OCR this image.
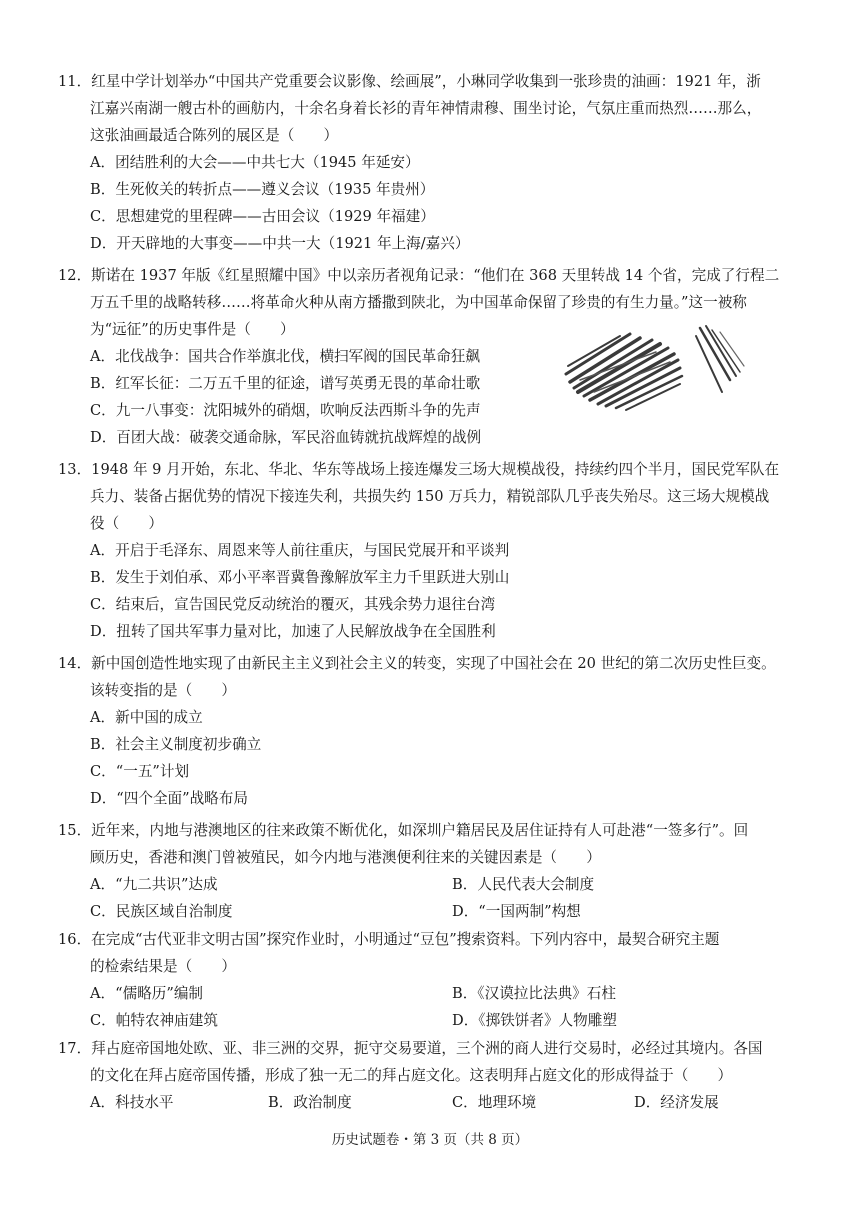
11．红星中学计划举办“中国共产党重要会议影像、绘画展”，小琳同学收集到一张珍贵的油画：1921 年，浙
江嘉兴南湖一艘古朴的画舫内，十余名身着长衫的青年神情肃穆、围坐讨论，气氛庄重而热烈……那么，
这张油画最适合陈列的展区是（　　）
A．团结胜利的大会——中共七大（1945 年延安）
B．生死攸关的转折点——遵义会议（1935 年贵州）
C．思想建党的里程碑——古田会议（1929 年福建）
D．开天辟地的大事变——中共一大（1921 年上海/嘉兴）
12．斯诺在 1937 年版《红星照耀中国》中以亲历者视角记录：“他们在 368 天里转战 14 个省，完成了行程二
万五千里的战略转移……将革命火种从南方播撒到陕北，为中国革命保留了珍贵的有生力量。”这一被称
为“远征”的历史事件是（　　）
A．北伐战争：国共合作举旗北伐，横扫军阀的国民革命狂飙
B．红军长征：二万五千里的征途，谱写英勇无畏的革命壮歌
C．九一八事变：沈阳城外的硝烟，吹响反法西斯斗争的先声
D．百团大战：破袭交通命脉，军民浴血铸就抗战辉煌的战例
13．1948 年 9 月开始，东北、华北、华东等战场上接连爆发三场大规模战役，持续约四个半月，国民党军队在
兵力、装备占据优势的情况下接连失利，共损失约 150 万兵力，精锐部队几乎丧失殆尽。这三场大规模战
役（　　）
A．开启于毛泽东、周恩来等人前往重庆，与国民党展开和平谈判
B．发生于刘伯承、邓小平率晋冀鲁豫解放军主力千里跃进大别山
C．结束后，宣告国民党反动统治的覆灭，其残余势力退往台湾
D．扭转了国共军事力量对比，加速了人民解放战争在全国胜利
14．新中国创造性地实现了由新民主主义到社会主义的转变，实现了中国社会在 20 世纪的第二次历史性巨变。
该转变指的是（　　）
A．新中国的成立
B．社会主义制度初步确立
C．“一五”计划
D．“四个全面”战略布局
15．近年来，内地与港澳地区的往来政策不断优化，如深圳户籍居民及居住证持有人可赴港“一签多行”。回
顾历史，香港和澳门曾被殖民，如今内地与港澳便利往来的关键因素是（　　）
A．“九二共识”达成	B．人民代表大会制度
C．民族区域自治制度	D．“一国两制”构想
16．在完成“古代亚非文明古国”探究作业时，小明通过“豆包”搜索资料。下列内容中，最契合研究主题
的检索结果是（　　）
A．“儒略历”编制	B．《汉谟拉比法典》石柱
C．帕特农神庙建筑	D．《掷铁饼者》人物雕塑
17．拜占庭帝国地处欧、亚、非三洲的交界，扼守交易要道，三个洲的商人进行交易时，必经过其境内。各国
的文化在拜占庭帝国传播，形成了独一无二的拜占庭文化。这表明拜占庭文化的形成得益于（　　）
A．科技水平	B．政治制度	C．地理环境	D．经济发展
历史试题卷・第 3 页（共 8 页）
